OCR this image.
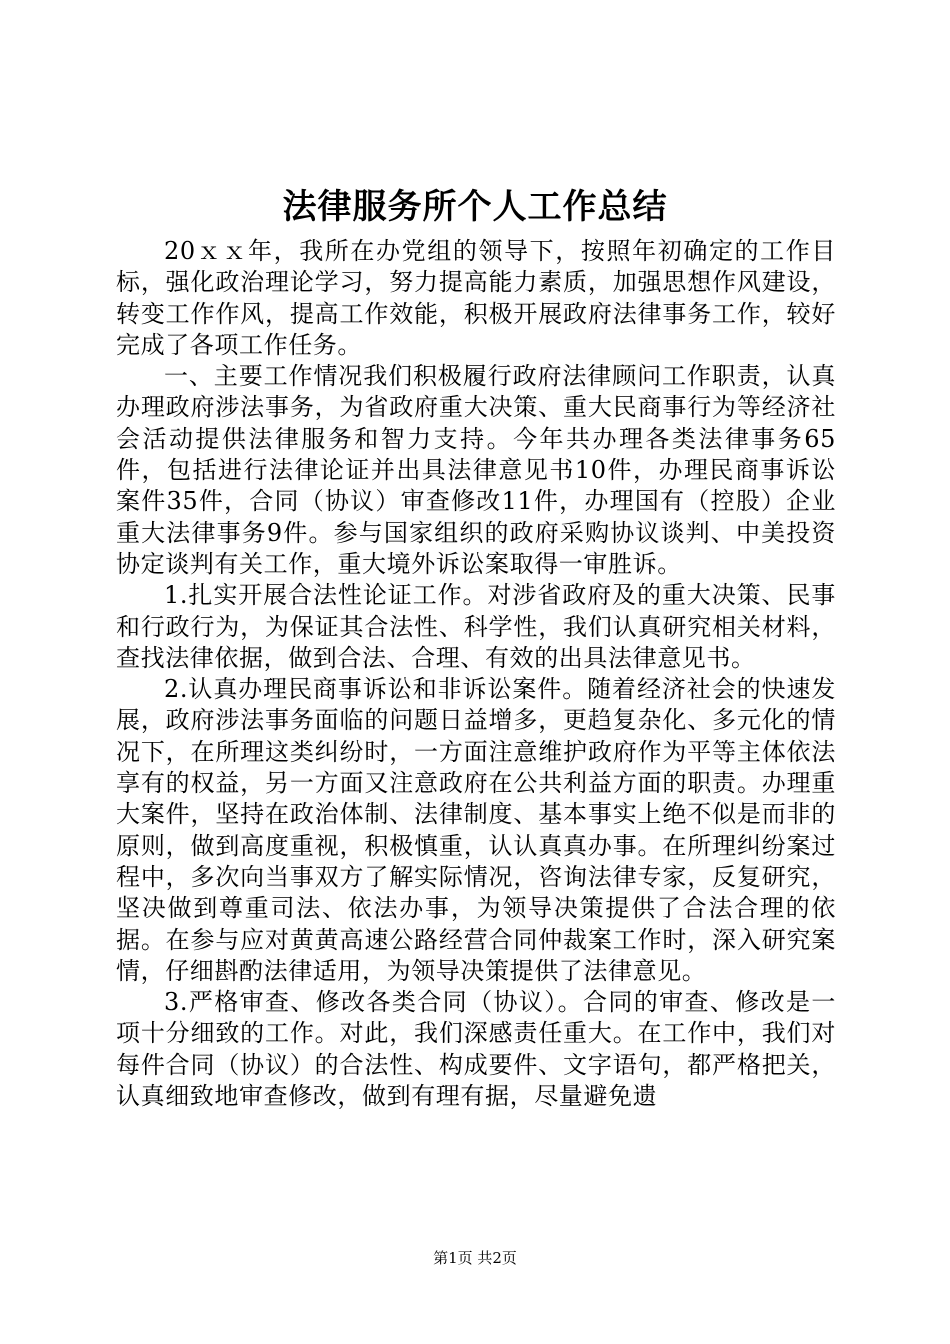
法律服务所个人工作总结

20ｘｘ年，我所在办党组的领导下，按照年初确定的工作目标，强化政治理论学习，努力提高能力素质，加强思想作风建设，转变工作作风，提高工作效能，积极开展政府法律事务工作，较好完成了各项工作任务。

一、主要工作情况我们积极履行政府法律顾问工作职责，认真办理政府涉法事务，为省政府重大决策、重大民商事行为等经济社会活动提供法律服务和智力支持。今年共办理各类法律事务65件，包括进行法律论证并出具法律意见书10件，办理民商事诉讼案件35件，合同（协议）审查修改11件，办理国有（控股）企业重大法律事务9件。参与国家组织的政府采购协议谈判、中美投资协定谈判有关工作，重大境外诉讼案取得一审胜诉。

1.扎实开展合法性论证工作。对涉省政府及的重大决策、民事和行政行为，为保证其合法性、科学性，我们认真研究相关材料，查找法律依据，做到合法、合理、有效的出具法律意见书。

2.认真办理民商事诉讼和非诉讼案件。随着经济社会的快速发展，政府涉法事务面临的问题日益增多，更趋复杂化、多元化的情况下，在所理这类纠纷时，一方面注意维护政府作为平等主体依法享有的权益，另一方面又注意政府在公共利益方面的职责。办理重大案件，坚持在政治体制、法律制度、基本事实上绝不似是而非的原则，做到高度重视，积极慎重，认认真真办事。在所理纠纷案过程中，多次向当事双方了解实际情况，咨询法律专家，反复研究，坚决做到尊重司法、依法办事，为领导决策提供了合法合理的依据。在参与应对黄黄高速公路经营合同仲裁案工作时，深入研究案情，仔细斟酌法律适用，为领导决策提供了法律意见。

3.严格审查、修改各类合同（协议）。合同的审查、修改是一项十分细致的工作。对此，我们深感责任重大。在工作中，我们对每件合同（协议）的合法性、构成要件、文字语句，都严格把关，认真细致地审查修改，做到有理有据，尽量避免遗

第1页 共2页
